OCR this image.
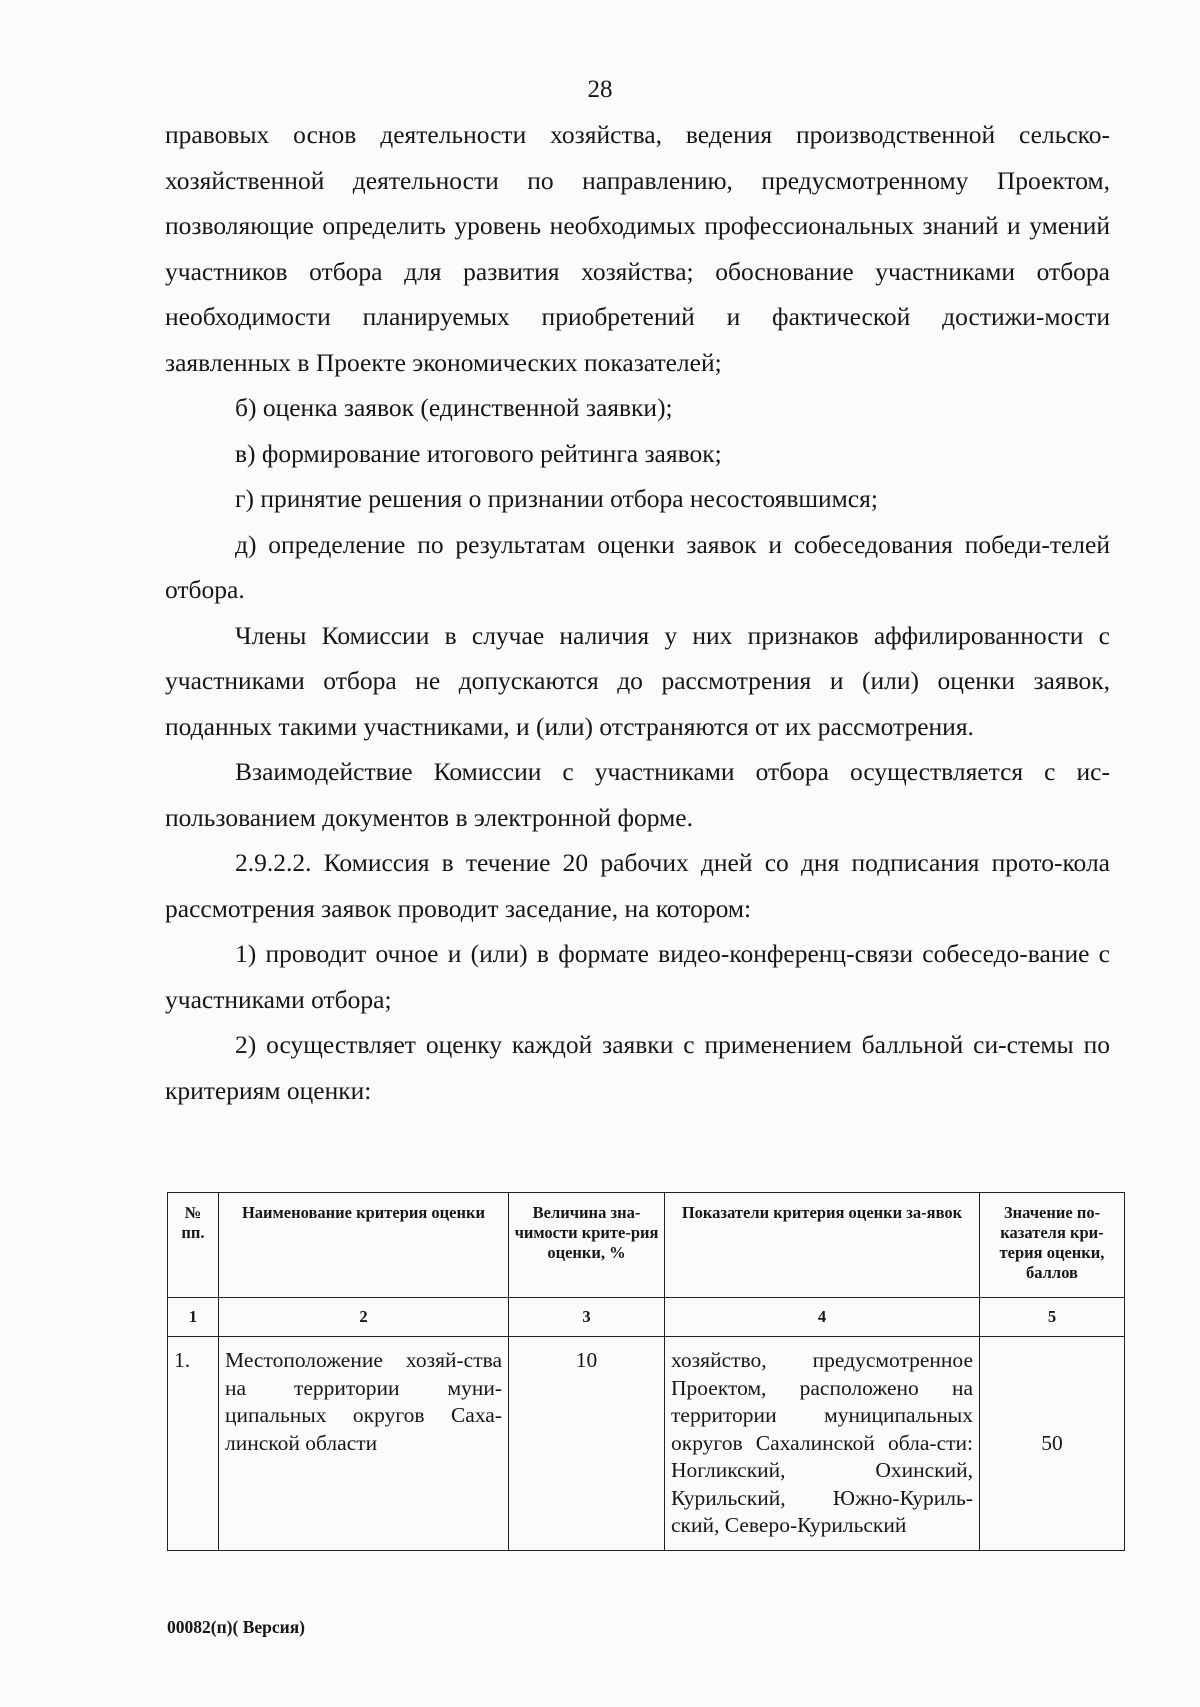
28

правовых основ деятельности хозяйства, ведения производственной сельско-хозяйственной деятельности по направлению, предусмотренному Проектом, позволяющие определить уровень необходимых профессиональных знаний и умений участников отбора для развития хозяйства; обоснование участниками отбора необходимости планируемых приобретений и фактической достижи-мости заявленных в Проекте экономических показателей;

б) оценка заявок (единственной заявки);

в) формирование итогового рейтинга заявок;

г) принятие решения о признании отбора несостоявшимся;

д) определение по результатам оценки заявок и собеседования победи-телей отбора.

Члены Комиссии в случае наличия у них признаков аффилированности с участниками отбора не допускаются до рассмотрения и (или) оценки заявок, поданных такими участниками, и (или) отстраняются от их рассмотрения.

Взаимодействие Комиссии с участниками отбора осуществляется с ис-пользованием документов в электронной форме.

2.9.2.2. Комиссия в течение 20 рабочих дней со дня подписания прото-кола рассмотрения заявок проводит заседание, на котором:

1) проводит очное и (или) в формате видео-конференц-связи собеседо-вание с участниками отбора;

2) осуществляет оценку каждой заявки с применением балльной си-стемы по критериям оценки:

№ пп.	Наименование критерия оценки	Величина зна-чимости крите-рия оценки, %	Показатели критерия оценки за-явок	Значение по-казателя кри-терия оценки, баллов
1	2	3	4	5
1.	Местоположение хозяй-ства на территории муни-ципальных округов Саха-линской области	10	хозяйство, предусмотренное Проектом, расположено на территории муниципальных округов Сахалинской обла-сти: Ногликский, Охинский, Курильский, Южно-Куриль-ский, Северо-Курильский	50
00082(п)( Версия)
